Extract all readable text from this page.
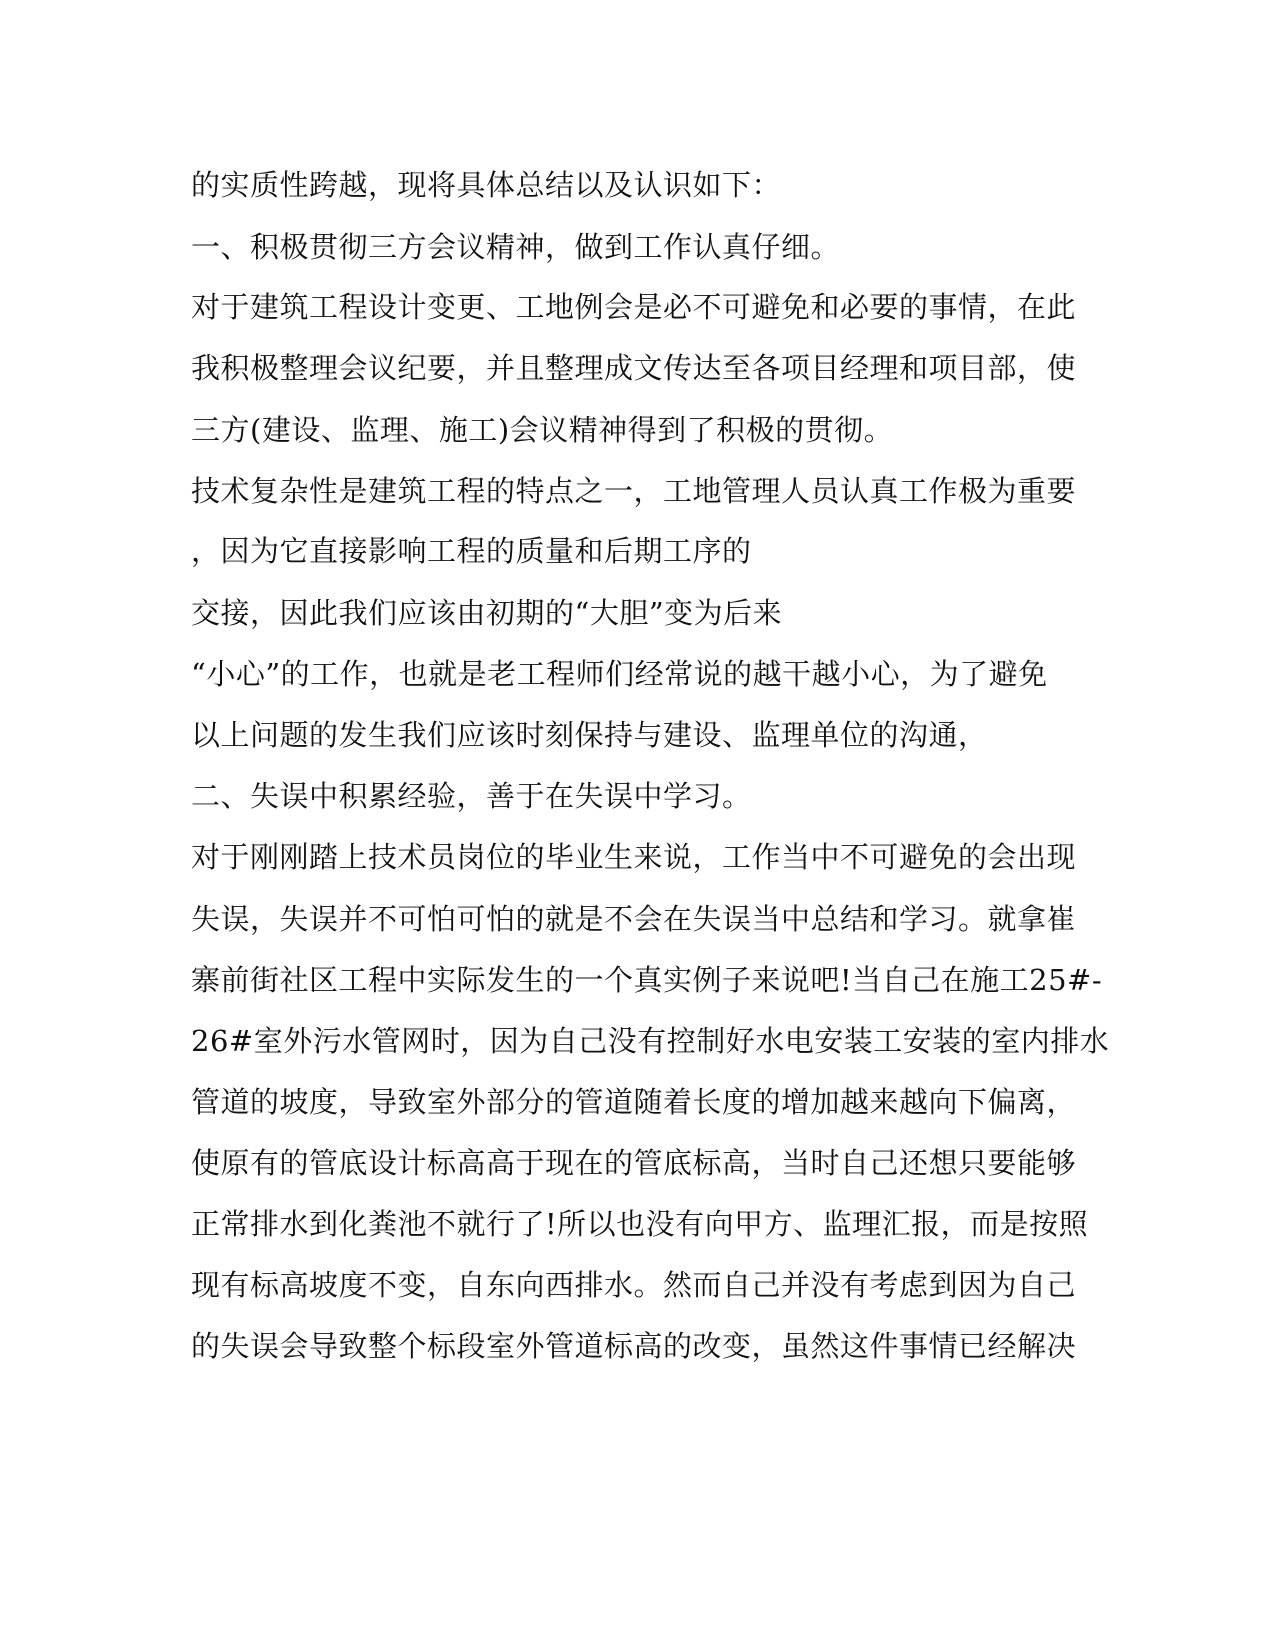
的实质性跨越，现将具体总结以及认识如下：

一、积极贯彻三方会议精神，做到工作认真仔细。

对于建筑工程设计变更、工地例会是必不可避免和必要的事情，在此

我积极整理会议纪要，并且整理成文传达至各项目经理和项目部，使

三方(建设、监理、施工)会议精神得到了积极的贯彻。

技术复杂性是建筑工程的特点之一，工地管理人员认真工作极为重要

，因为它直接影响工程的质量和后期工序的

交接，因此我们应该由初期的“大胆”变为后来

“小心”的工作，也就是老工程师们经常说的越干越小心，为了避免

以上问题的发生我们应该时刻保持与建设、监理单位的沟通，

二、失误中积累经验，善于在失误中学习。

对于刚刚踏上技术员岗位的毕业生来说，工作当中不可避免的会出现

失误，失误并不可怕可怕的就是不会在失误当中总结和学习。就拿崔

寨前街社区工程中实际发生的一个真实例子来说吧!当自己在施工25#-

26#室外污水管网时，因为自己没有控制好水电安装工安装的室内排水

管道的坡度，导致室外部分的管道随着长度的增加越来越向下偏离，

使原有的管底设计标高高于现在的管底标高，当时自己还想只要能够

正常排水到化粪池不就行了!所以也没有向甲方、监理汇报，而是按照

现有标高坡度不变，自东向西排水。然而自己并没有考虑到因为自己

的失误会导致整个标段室外管道标高的改变，虽然这件事情已经解决
